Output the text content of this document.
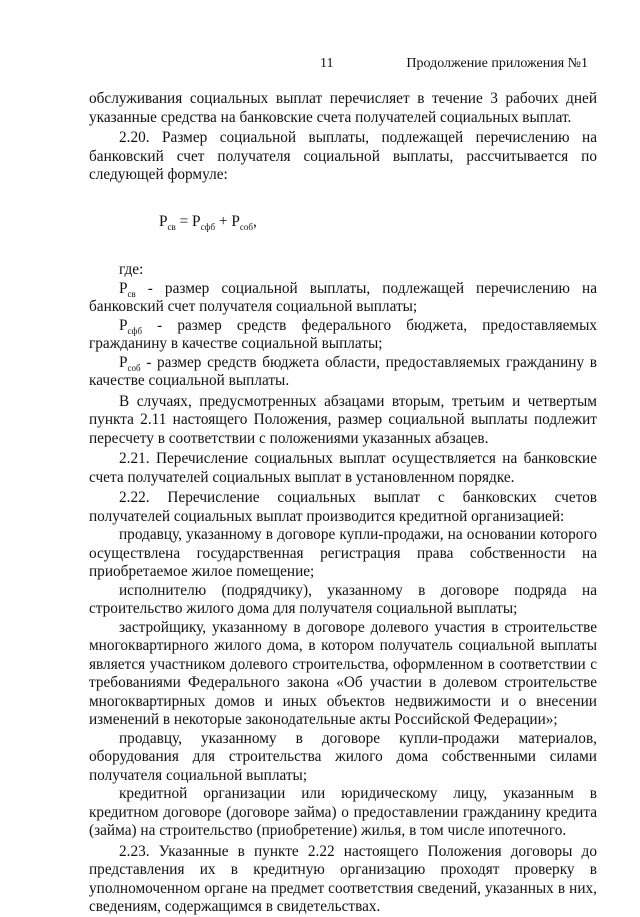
11	Продолжение приложения №1

обслуживания социальных выплат перечисляет в течение 3 рабочих дней указанные средства на банковские счета получателей социальных выплат.

2.20. Размер социальной выплаты, подлежащей перечислению на банковский счет получателя социальной выплаты, рассчитывается по следующей формуле:

$Р_{св} = Р_{сфб} + Р_{соб}$,

где:

$Р_{св}$ - размер социальной выплаты, подлежащей перечислению на банковский счет получателя социальной выплаты;

$Р_{сфб}$ - размер средств федерального бюджета, предоставляемых гражданину в качестве социальной выплаты;

$Р_{соб}$ - размер средств бюджета области, предоставляемых гражданину в качестве социальной выплаты.

В случаях, предусмотренных абзацами вторым, третьим и четвертым пункта 2.11 настоящего Положения, размер социальной выплаты подлежит пересчету в соответствии с положениями указанных абзацев.

2.21. Перечисление социальных выплат осуществляется на банковские счета получателей социальных выплат в установленном порядке.

2.22. Перечисление социальных выплат с банковских счетов получателей социальных выплат производится кредитной организацией:

продавцу, указанному в договоре купли-продажи, на основании которого осуществлена государственная регистрация права собственности на приобретаемое жилое помещение;

исполнителю (подрядчику), указанному в договоре подряда на строительство жилого дома для получателя социальной выплаты;

застройщику, указанному в договоре долевого участия в строительстве многоквартирного жилого дома, в котором получатель социальной выплаты является участником долевого строительства, оформленном в соответствии с требованиями Федерального закона «Об участии в долевом строительстве многоквартирных домов и иных объектов недвижимости и о внесении изменений в некоторые законодательные акты Российской Федерации»;

продавцу, указанному в договоре купли-продажи материалов, оборудования для строительства жилого дома собственными силами получателя социальной выплаты;

кредитной организации или юридическому лицу, указанным в кредитном договоре (договоре займа) о предоставлении гражданину кредита (займа) на строительство (приобретение) жилья, в том числе ипотечного.

2.23. Указанные в пункте 2.22 настоящего Положения договоры до представления их в кредитную организацию проходят проверку в уполномоченном органе на предмет соответствия сведений, указанных в них, сведениям, содержащимся в свидетельствах.
